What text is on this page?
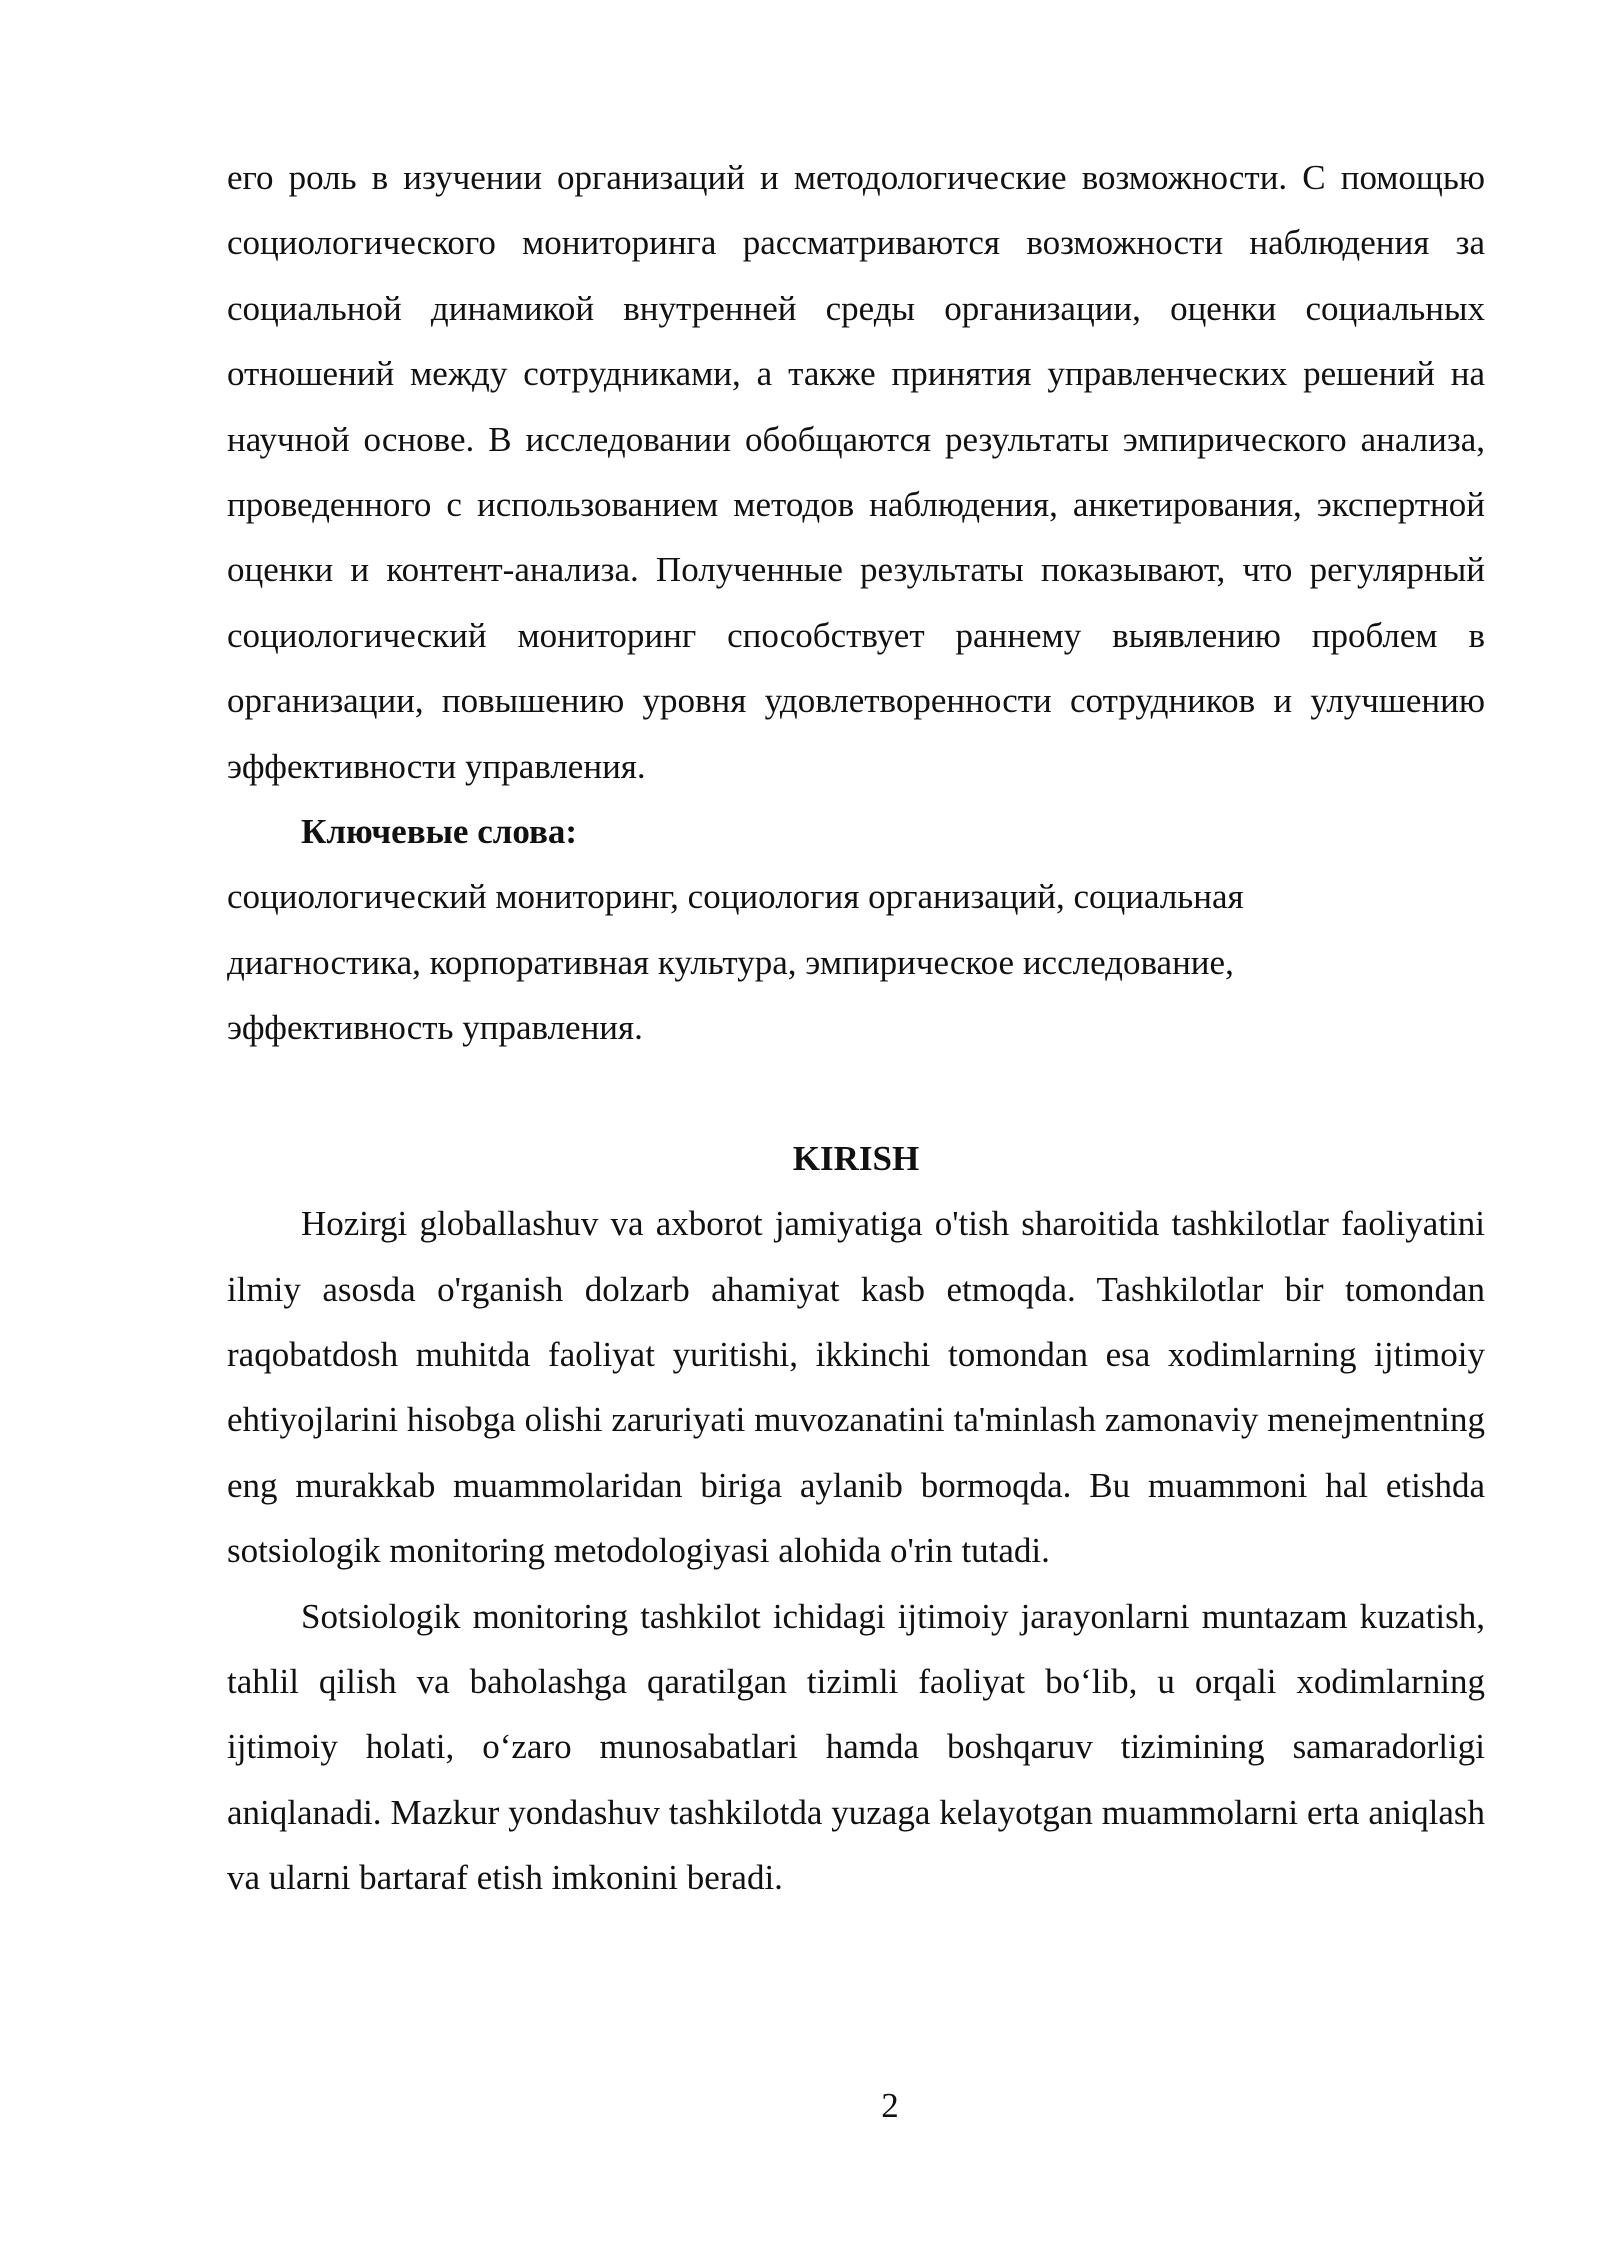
его роль в изучении организаций и методологические возможности. С помощью социологического мониторинга рассматриваются возможности наблюдения за социальной динамикой внутренней среды организации, оценки социальных отношений между сотрудниками, а также принятия управленческих решений на научной основе. В исследовании обобщаются результаты эмпирического анализа, проведенного с использованием методов наблюдения, анкетирования, экспертной оценки и контент-анализа. Полученные результаты показывают, что регулярный социологический мониторинг способствует раннему выявлению проблем в организации, повышению уровня удовлетворенности сотрудников и улучшению эффективности управления.

Ключевые слова:

социологический мониторинг, социология организаций, социальная
диагностика, корпоративная культура, эмпирическое исследование,
эффективность управления.

KIRISH

Hozirgi globallashuv va axborot jamiyatiga o'tish sharoitida tashkilotlar faoliyatini ilmiy asosda o'rganish dolzarb ahamiyat kasb etmoqda. Tashkilotlar bir tomondan raqobatdosh muhitda faoliyat yuritishi, ikkinchi tomondan esa xodimlarning ijtimoiy ehtiyojlarini hisobga olishi zaruriyati muvozanatini ta'minlash zamonaviy menejmentning eng murakkab muammolaridan biriga aylanib bormoqda. Bu muammoni hal etishda sotsiologik monitoring metodologiyasi alohida o'rin tutadi.

Sotsiologik monitoring tashkilot ichidagi ijtimoiy jarayonlarni muntazam kuzatish, tahlil qilish va baholashga qaratilgan tizimli faoliyat bo‘lib, u orqali xodimlarning ijtimoiy holati, o‘zaro munosabatlari hamda boshqaruv tizimining samaradorligi aniqlanadi. Mazkur yondashuv tashkilotda yuzaga kelayotgan muammolarni erta aniqlash va ularni bartaraf etish imkonini beradi.

2
